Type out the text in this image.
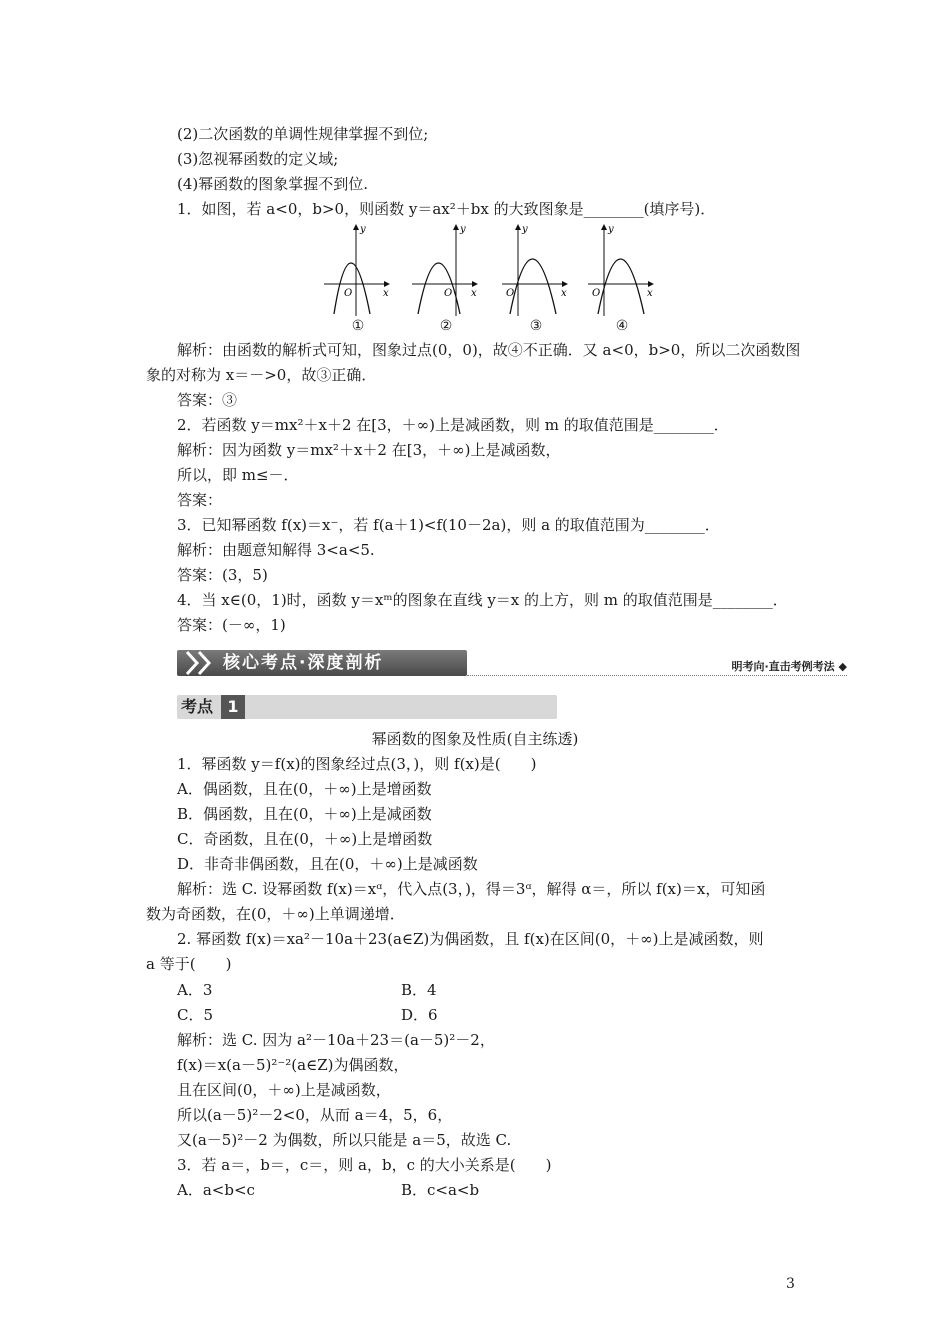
(2)二次函数的单调性规律掌握不到位;
(3)忽视幂函数的定义域;
(4)幂函数的图象掌握不到位.
1．如图，若 a<0，b>0，则函数 y＝ax²＋bx 的大致图象是________(填序号)．
y
x
O
①
y
x
O
②
y
x
O
③
y
x
O
④
解析：由函数的解析式可知，图象过点(0，0)，故④不正确．又 a<0，b>0，所以二次函数图
象的对称为 x＝－>0，故③正确．
答案：③
2．若函数 y＝mx²＋x＋2 在[3，＋∞)上是减函数，则 m 的取值范围是________．
解析：因为函数 y＝mx²＋x＋2 在[3，＋∞)上是减函数，
所以，即 m≤－．
答案：
3．已知幂函数 f(x)＝x⁻，若 f(a＋1)<f(10－2a)，则 a 的取值范围为________．
解析：由题意知解得 3<a<5.
答案：(3，5)
4．当 x∈(0，1)时，函数 y＝xᵐ的图象在直线 y＝x 的上方，则 m 的取值范围是________．
答案：(－∞，1)
核心考点·深度剖析	明考向·直击考例考法 ◆
考点 1
幂函数的图象及性质(自主练透)
1．幂函数 y＝f(x)的图象经过点(3，)，则 f(x)是(　　)
A．偶函数，且在(0，＋∞)上是增函数
B．偶函数，且在(0，＋∞)上是减函数
C．奇函数，且在(0，＋∞)上是增函数
D．非奇非偶函数，且在(0，＋∞)上是减函数
解析：选 C. 设幂函数 f(x)＝xᵅ，代入点(3，)，得＝3ᵅ，解得 α＝，所以 f(x)＝x，可知函
数为奇函数，在(0，＋∞)上单调递增．
2. 幂函数 f(x)＝xa²－10a＋23(a∈Z)为偶函数，且 f(x)在区间(0，＋∞)上是减函数，则
a 等于(　　)
A．3	B．4
C．5	D．6
解析：选 C. 因为 a²－10a＋23＝(a－5)²－2，
f(x)＝x(a－5)²⁻²(a∈Z)为偶函数，
且在区间(0，＋∞)上是减函数，
所以(a－5)²－2<0，从而 a＝4，5，6，
又(a－5)²－2 为偶数，所以只能是 a＝5，故选 C.
3．若 a＝，b＝，c＝，则 a，b，c 的大小关系是(　　)
A．a<b<c	B．c<a<b
3
